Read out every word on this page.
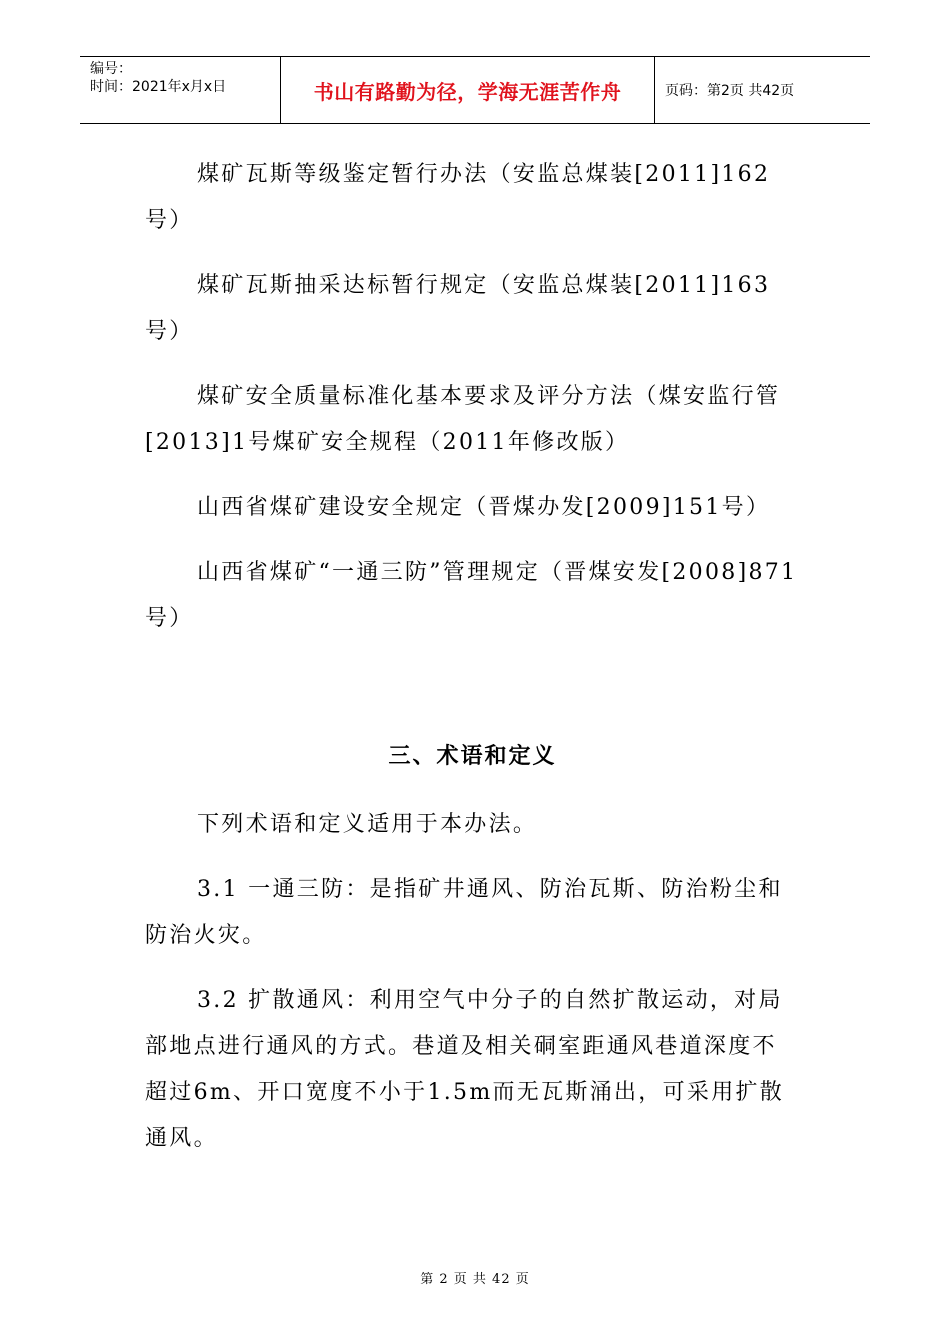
编号：
时间：2021年x月x日	书山有路勤为径，学海无涯苦作舟	页码：第2页 共42页

煤矿瓦斯等级鉴定暂行办法（安监总煤装[2011]162号）

煤矿瓦斯抽采达标暂行规定（安监总煤装[2011]163号）

煤矿安全质量标准化基本要求及评分方法（煤安监行管[2013]1号煤矿安全规程（2011年修改版）

山西省煤矿建设安全规定（晋煤办发[2009]151号）

山西省煤矿“一通三防”管理规定（晋煤安发[2008]871号）

三、术语和定义

下列术语和定义适用于本办法。

3.1 一通三防：是指矿井通风、防治瓦斯、防治粉尘和防治火灾。

3.2 扩散通风：利用空气中分子的自然扩散运动，对局部地点进行通风的方式。巷道及相关硐室距通风巷道深度不超过6m、开口宽度不小于1.5m而无瓦斯涌出，可采用扩散通风。

第 2 页 共 42 页
